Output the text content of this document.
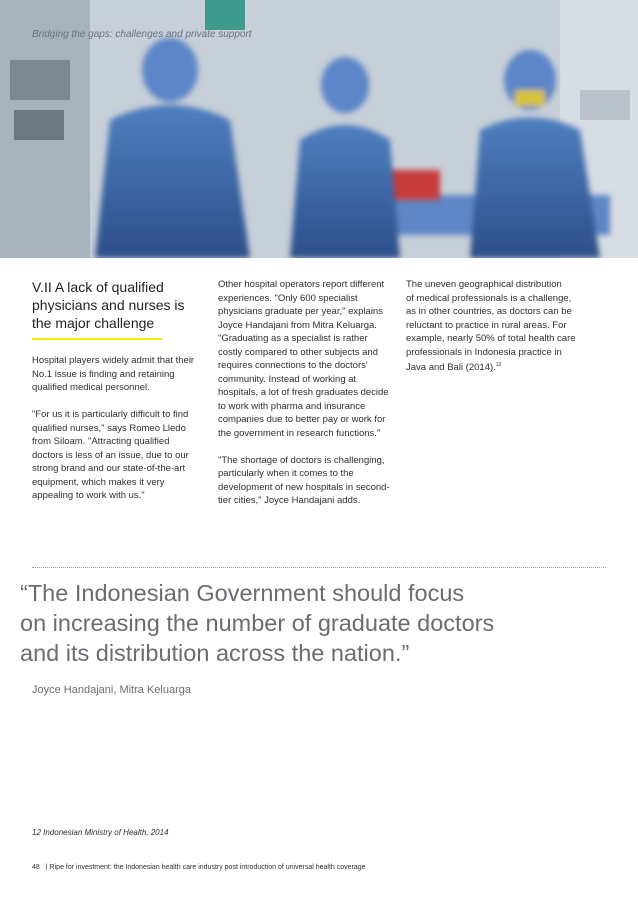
Bridging the gaps: challenges and private support
V.II A lack of qualified
physicians and nurses is
the major challenge

Hospital players widely admit that their
No.1 issue is finding and retaining
qualified medical personnel.

"For us it is particularly difficult to find
qualified nurses," says Romeo Lledo
from Siloam. "Attracting qualified
doctors is less of an issue, due to our
strong brand and our state-of-the-art
equipment, which makes it very
appealing to work with us."

Other hospital operators report different
experiences. "Only 600 specialist
physicians graduate per year," explains
Joyce Handajani from Mitra Keluarga.
"Graduating as a specialist is rather
costly compared to other subjects and
requires connections to the doctors'
community. Instead of working at
hospitals, a lot of fresh graduates decide
to work with pharma and insurance
companies due to better pay or work for
the government in research functions."

"The shortage of doctors is challenging,
particularly when it comes to the
development of new hospitals in second-
tier cities," Joyce Handajani adds.

The uneven geographical distribution
of medical professionals is a challenge,
as in other countries, as doctors can be
reluctant to practice in rural areas. For
example, nearly 50% of total health care
professionals in Indonesia practice in
Java and Bali (2014).$^{12}$

“The Indonesian Government should focus
on increasing the number of graduate doctors
and its distribution across the nation.”
Joyce Handajani, Mitra Keluarga
12 Indonesian Ministry of Health, 2014
48 | Ripe for investment: the Indonesian health care industry post introduction of universal health coverage
